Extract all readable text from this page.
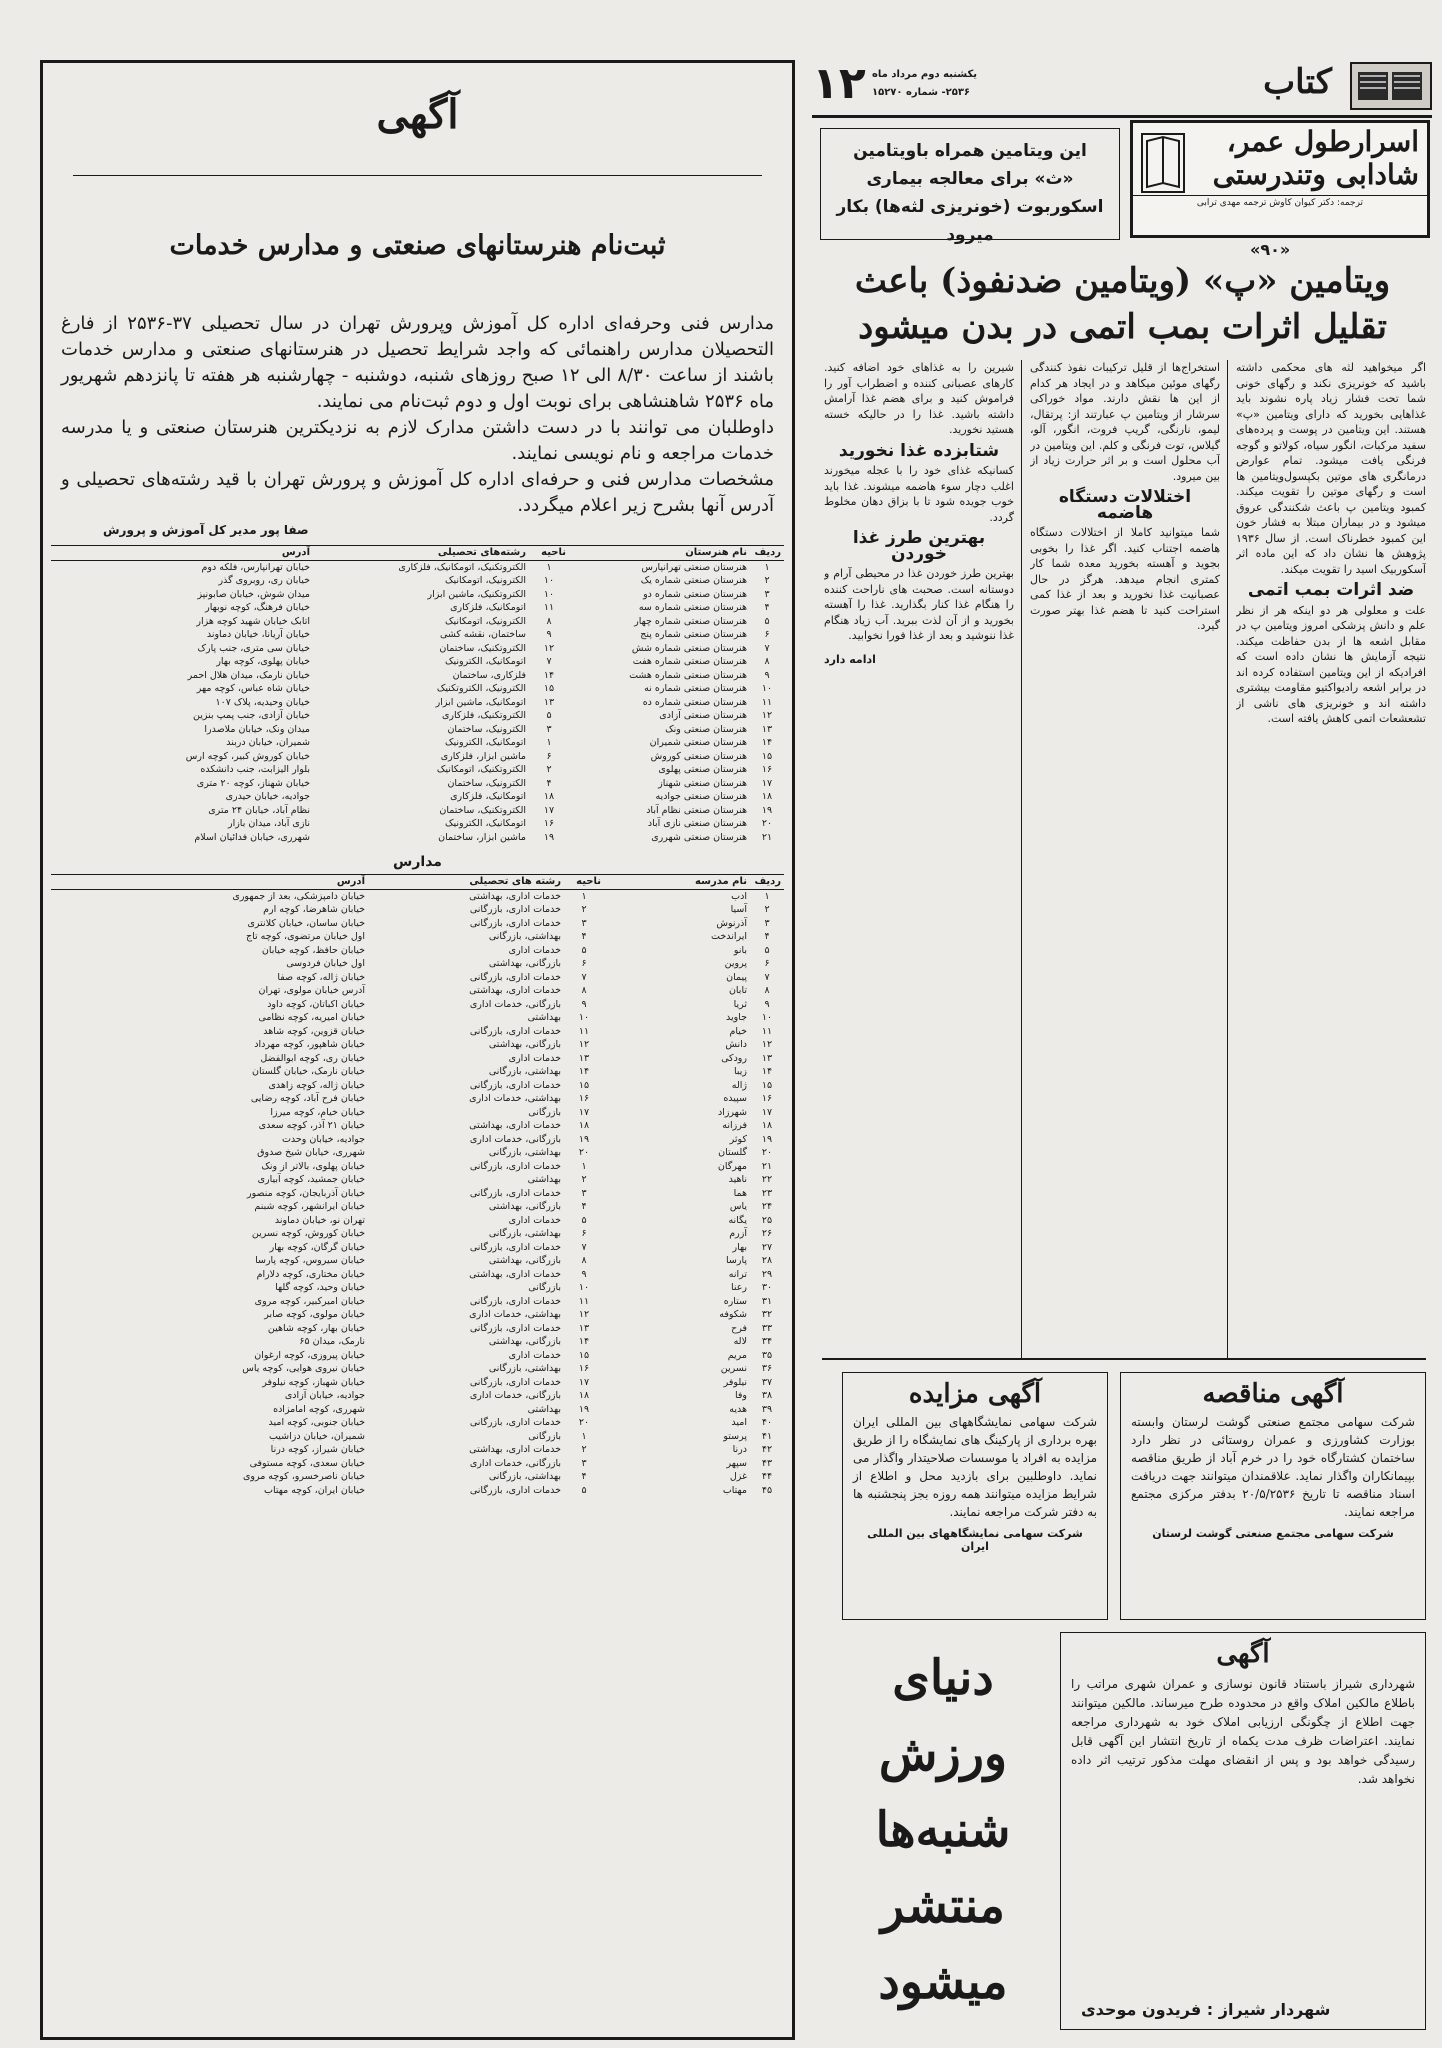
آگهی
ثبت‌نام هنرستانهای صنعتی و مدارس خدمات

مدارس فنی وحرفه‌ای اداره کل آموزش وپرورش تهران در سال تحصیلی ۳۷-۲۵۳۶ از فارغ التحصیلان مدارس راهنمائی که واجد شرایط تحصیل در هنرستانهای صنعتی و مدارس خدمات باشند از ساعت ۸/۳۰ الی ۱۲ صبح روزهای شنبه، دوشنبه - چهارشنبه هر هفته تا پانزدهم شهریور ماه ۲۵۳۶ شاهنشاهی برای نوبت اول و دوم ثبت‌نام می نمایند.

داوطلبان می توانند با در دست داشتن مدارک لازم به نزدیکترین هنرستان صنعتی و یا مدرسه خدمات مراجعه و نام نویسی نمایند.

مشخصات مدارس فنی و حرفه‌ای اداره کل آموزش و پرورش تهران با قید رشته‌های تحصیلی و آدرس آنها بشرح زیر اعلام میگردد.

صفا پور مدیر کل آموزش و پرورش
ردیف	نام هنرستان	ناحیه	رشته‌های تحصیلی	آدرس
۱	هنرستان صنعتی تهرانپارس	۱	الکتروتکنیک، اتومکانیک، فلزکاری	خیابان تهرانپارس، فلکه دوم
۲	هنرستان صنعتی شماره یک	۱۰	الکترونیک، اتومکانیک	خیابان ری، روبروی گذر
۳	هنرستان صنعتی شماره دو	۱۰	الکتروتکنیک، ماشین ابزار	میدان شوش، خیابان صابونپز
۴	هنرستان صنعتی شماره سه	۱۱	اتومکانیک، فلزکاری	خیابان فرهنگ، کوچه نوبهار
۵	هنرستان صنعتی شماره چهار	۸	الکترونیک، اتومکانیک	اتابک خیابان شهید کوچه هزار
۶	هنرستان صنعتی شماره پنج	۹	ساختمان، نقشه کشی	خیابان آریانا، خیابان دماوند
۷	هنرستان صنعتی شماره شش	۱۲	الکتروتکنیک، ساختمان	خیابان سی متری، جنب پارک
۸	هنرستان صنعتی شماره هفت	۷	اتومکانیک، الکترونیک	خیابان پهلوی، کوچه بهار
۹	هنرستان صنعتی شماره هشت	۱۴	فلزکاری، ساختمان	خیابان نارمک، میدان هلال احمر
۱۰	هنرستان صنعتی شماره نه	۱۵	الکترونیک، الکتروتکنیک	خیابان شاه عباس، کوچه مهر
۱۱	هنرستان صنعتی شماره ده	۱۳	اتومکانیک، ماشین ابزار	خیابان وحیدیه، پلاک ۱۰۷
۱۲	هنرستان صنعتی آزادی	۵	الکتروتکنیک، فلزکاری	خیابان آزادی، جنب پمپ بنزین
۱۳	هنرستان صنعتی ونک	۳	الکترونیک، ساختمان	میدان ونک، خیابان ملاصدرا
۱۴	هنرستان صنعتی شمیران	۱	اتومکانیک، الکترونیک	شمیران، خیابان دربند
۱۵	هنرستان صنعتی کوروش	۶	ماشین ابزار، فلزکاری	خیابان کوروش کبیر، کوچه ارس
۱۶	هنرستان صنعتی پهلوی	۲	الکتروتکنیک، اتومکانیک	بلوار الیزابت، جنب دانشکده
۱۷	هنرستان صنعتی شهناز	۴	الکترونیک، ساختمان	خیابان شهناز، کوچه ۲۰ متری
۱۸	هنرستان صنعتی جوادیه	۱۸	اتومکانیک، فلزکاری	جوادیه، خیابان حیدری
۱۹	هنرستان صنعتی نظام آباد	۱۷	الکتروتکنیک، ساختمان	نظام آباد، خیابان ۲۴ متری
۲۰	هنرستان صنعتی نازی آباد	۱۶	اتومکانیک، الکترونیک	نازی آباد، میدان بازار
۲۱	هنرستان صنعتی شهرری	۱۹	ماشین ابزار، ساختمان	شهرری، خیابان فدائیان اسلام
مدارس
ردیف	نام مدرسه	ناحیه	رشته های تحصیلی	آدرس
۱	ادب	۱	خدمات اداری، بهداشتی	خیابان دامپزشکی، بعد از جمهوری
۲	آسیا	۲	خدمات اداری، بازرگانی	خیابان شاهرضا، کوچه ارم
۳	آذرنوش	۳	خدمات اداری، بازرگانی	خیابان ساسان، خیابان کلانتری
۴	ایراندخت	۴	بهداشتی، بازرگانی	اول خیابان مرتضوی، کوچه تاج
۵	بانو	۵	خدمات اداری	خیابان حافظ، کوچه خیابان
۶	پروین	۶	بازرگانی، بهداشتی	اول خیابان فردوسی
۷	پیمان	۷	خدمات اداری، بازرگانی	خیابان ژاله، کوچه صفا
۸	تابان	۸	خدمات اداری، بهداشتی	آدرس خیابان مولوی، تهران
۹	ثریا	۹	بازرگانی، خدمات اداری	خیابان اکباتان، کوچه داود
۱۰	جاوید	۱۰	بهداشتی	خیابان امیریه، کوچه نظامی
۱۱	خیام	۱۱	خدمات اداری، بازرگانی	خیابان قزوین، کوچه شاهد
۱۲	دانش	۱۲	بازرگانی، بهداشتی	خیابان شاهپور، کوچه مهرداد
۱۳	رودکی	۱۳	خدمات اداری	خیابان ری، کوچه ابوالفضل
۱۴	زیبا	۱۴	بهداشتی، بازرگانی	خیابان نارمک، خیابان گلستان
۱۵	ژاله	۱۵	خدمات اداری، بازرگانی	خیابان ژاله، کوچه زاهدی
۱۶	سپیده	۱۶	بهداشتی، خدمات اداری	خیابان فرح آباد، کوچه رضایی
۱۷	شهرزاد	۱۷	بازرگانی	خیابان خیام، کوچه میرزا
۱۸	فرزانه	۱۸	خدمات اداری، بهداشتی	خیابان ۲۱ آذر، کوچه سعدی
۱۹	کوثر	۱۹	بازرگانی، خدمات اداری	جوادیه، خیابان وحدت
۲۰	گلستان	۲۰	بهداشتی، بازرگانی	شهرری، خیابان شیخ صدوق
۲۱	مهرگان	۱	خدمات اداری، بازرگانی	خیابان پهلوی، بالاتر از ونک
۲۲	ناهید	۲	بهداشتی	خیابان جمشید، کوچه آبیاری
۲۳	هما	۳	خدمات اداری، بازرگانی	خیابان آذربایجان، کوچه منصور
۲۴	یاس	۴	بازرگانی، بهداشتی	خیابان ایرانشهر، کوچه شبنم
۲۵	یگانه	۵	خدمات اداری	تهران نو، خیابان دماوند
۲۶	آزرم	۶	بهداشتی، بازرگانی	خیابان کوروش، کوچه نسرین
۲۷	بهار	۷	خدمات اداری، بازرگانی	خیابان گرگان، کوچه بهار
۲۸	پارسا	۸	بازرگانی، بهداشتی	خیابان سیروس، کوچه پارسا
۲۹	ترانه	۹	خدمات اداری، بهداشتی	خیابان مختاری، کوچه دلارام
۳۰	رعنا	۱۰	بازرگانی	خیابان وحید، کوچه گلها
۳۱	ستاره	۱۱	خدمات اداری، بازرگانی	خیابان امیرکبیر، کوچه مروی
۳۲	شکوفه	۱۲	بهداشتی، خدمات اداری	خیابان مولوی، کوچه صابر
۳۳	فرح	۱۳	خدمات اداری، بازرگانی	خیابان بهار، کوچه شاهین
۳۴	لاله	۱۴	بازرگانی، بهداشتی	نارمک، میدان ۶۵
۳۵	مریم	۱۵	خدمات اداری	خیابان پیروزی، کوچه ارغوان
۳۶	نسرین	۱۶	بهداشتی، بازرگانی	خیابان نیروی هوایی، کوچه یاس
۳۷	نیلوفر	۱۷	خدمات اداری، بازرگانی	خیابان شهباز، کوچه نیلوفر
۳۸	وفا	۱۸	بازرگانی، خدمات اداری	جوادیه، خیابان آزادی
۳۹	هدیه	۱۹	بهداشتی	شهرری، کوچه امامزاده
۴۰	امید	۲۰	خدمات اداری، بازرگانی	خیابان جنوبی، کوچه امید
۴۱	پرستو	۱	بازرگانی	شمیران، خیابان دزاشیب
۴۲	درنا	۲	خدمات اداری، بهداشتی	خیابان شیراز، کوچه درنا
۴۳	سپهر	۳	بازرگانی، خدمات اداری	خیابان سعدی، کوچه مستوفی
۴۴	غزل	۴	بهداشتی، بازرگانی	خیابان ناصرخسرو، کوچه مروی
۴۵	مهتاب	۵	خدمات اداری، بازرگانی	خیابان ایران، کوچه مهتاب
کتاب
۱۲ یکشنبه دوم مرداد ماه
۲۵۳۶- شماره ۱۵۲۷۰
اسرارطول عمر،
شادابی وتندرستی
ترجمه: دکتر کیوان کاوش ترجمه مهدی ترابی
«۹۰»
این ویتامین همراه باویتامین «ث» برای معالجه بیماری اسکوربوت (خونریزی لثه‌ها) بکار میرود
ویتامین «پ» (ویتامین ضدنفوذ) باعث
تقلیل اثرات بمب اتمی در بدن میشود

اگر میخواهید لثه های محکمی داشته باشید که خونریزی نکند و رگهای خونی شما تحت فشار زیاد پاره نشوند باید غذاهایی بخورید که دارای ویتامین «پ» هستند. این ویتامین در پوست و پرده‌های سفید مرکبات، انگور سیاه، کولاتو و گوجه فرنگی یافت میشود. تمام عوارض درمانگری های موتین بکپسول‌ویتامین ها است و رگهای موتین را تقویت میکند. کمبود ویتامین پ باعث شکنندگی عروق میشود و در بیماران مبتلا به فشار خون این کمبود خطرناک است. از سال ۱۹۳۶ پژوهش ها نشان داد که این ماده اثر آسکوربیک اسید را تقویت میکند.

ضد اثرات بمب اتمی

علت و معلولی هر دو اینکه هر از نظر علم و دانش پزشکی امروز ویتامین پ در مقابل اشعه ها از بدن حفاظت میکند. نتیجه آزمایش ها نشان داده است که افرادیکه از این ویتامین استفاده کرده اند در برابر اشعه رادیواکتیو مقاومت بیشتری داشته اند و خونریزی های ناشی از تشعشعات اتمی کاهش یافته است.

استخراج‌ها از قلیل ترکیبات نفوذ کنندگی رگهای موئین میکاهد و در ایجاد هر کدام از این ها نقش دارند. مواد خوراکی سرشار از ویتامین پ عبارتند از: پرتقال، لیمو، نارنگی، گریپ فروت، انگور، آلو، گیلاس، توت فرنگی و کلم. این ویتامین در آب محلول است و بر اثر حرارت زیاد از بین میرود.

اختلالات دستگاه هاضمه

شما میتوانید کاملا از اختلالات دستگاه هاضمه اجتناب کنید. اگر غذا را بخوبی بجوید و آهسته بخورید معده شما کار کمتری انجام میدهد. هرگز در حال عصبانیت غذا نخورید و بعد از غذا کمی استراحت کنید تا هضم غذا بهتر صورت گیرد.

شیرین را به غذاهای خود اضافه کنید. کارهای عصبانی کننده و اضطراب آور را فراموش کنید و برای هضم غذا آرامش داشته باشید. غذا را در حالیکه خسته هستید نخورید.

شتابزده غذا نخورید

کسانیکه غذای خود را با عجله میخورند اغلب دچار سوء هاضمه میشوند. غذا باید خوب جویده شود تا با بزاق دهان مخلوط گردد.

بهترین طرز غذا خوردن

بهترین طرز خوردن غذا در محیطی آرام و دوستانه است. صحبت های ناراحت کننده را هنگام غذا کنار بگذارید. غذا را آهسته بخورید و از آن لذت ببرید. آب زیاد هنگام غذا ننوشید و بعد از غذا فورا نخوابید.

ادامه دارد
آگهی مناقصه
شرکت سهامی مجتمع صنعتی گوشت لرستان وابسته بوزارت کشاورزی و عمران روستائی در نظر دارد ساختمان کشتارگاه خود را در خرم آباد از طریق مناقصه بپیمانکاران واگذار نماید. علاقمندان میتوانند جهت دریافت اسناد مناقصه تا تاریخ ۲۰/۵/۲۵۳۶ بدفتر مرکزی مجتمع مراجعه نمایند.
شرکت سهامی مجتمع صنعتی گوشت لرستان
آگهی مزایده
شرکت سهامی نمایشگاههای بین المللی ایران بهره برداری از پارکینگ های نمایشگاه را از طریق مزایده به افراد یا موسسات صلاحیتدار واگذار می نماید. داوطلبین برای بازدید محل و اطلاع از شرایط مزایده میتوانند همه روزه بجز پنجشنبه ها به دفتر شرکت مراجعه نمایند.
شرکت سهامی نمایشگاههای بین المللی ایران
دنیای
ورزش
شنبه‌ها
منتشر
میشود
آگهی
شهرداری شیراز باستناد قانون نوسازی و عمران شهری مراتب را باطلاع مالکین املاک واقع در محدوده طرح میرساند. مالکین میتوانند جهت اطلاع از چگونگی ارزیابی املاک خود به شهرداری مراجعه نمایند. اعتراضات ظرف مدت یکماه از تاریخ انتشار این آگهی قابل رسیدگی خواهد بود و پس از انقضای مهلت مذکور ترتیب اثر داده نخواهد شد.
شهردار شیراز : فریدون موحدی
